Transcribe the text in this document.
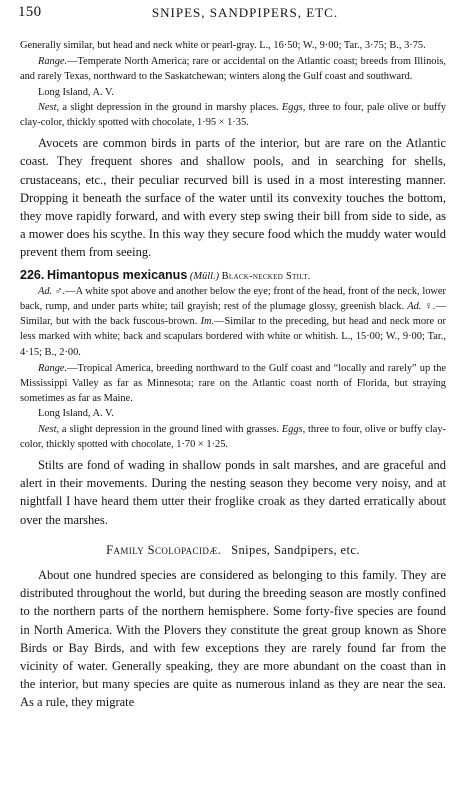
150	SNIPES, SANDPIPERS, ETC.

Generally similar, but head and neck white or pearl-gray. L., 16·50; W., 9·00; Tar., 3·75; B., 3·75.

Range.—Temperate North America; rare or accidental on the Atlantic coast; breeds from Illinois, and rarely Texas, northward to the Saskatchewan; winters along the Gulf coast and southward.

Long Island, A. V.

Nest, a slight depression in the ground in marshy places. Eggs, three to four, pale olive or buffy clay-color, thickly spotted with chocolate, 1·95 × 1·35.

Avocets are common birds in parts of the interior, but are rare on the Atlantic coast. They frequent shores and shallow pools, and in searching for shells, crustaceans, etc., their peculiar recurved bill is used in a most interesting manner. Dropping it beneath the surface of the water until its convexity touches the bottom, they move rapidly forward, and with every step swing their bill from side to side, as a mower does his scythe. In this way they secure food which the muddy water would prevent them from seeing.

226. Himantopus mexicanus (Müll.) Black-necked Stilt.

Ad. ♂.—A white spot above and another below the eye; front of the head, front of the neck, lower back, rump, and under parts white; tail grayish; rest of the plumage glossy, greenish black. Ad. ♀.—Similar, but with the back fuscous-brown. Im.—Similar to the preceding, but head and neck more or less marked with white; back and scapulars bordered with white or whitish. L., 15·00; W., 9·00; Tar., 4·15; B., 2·00.

Range.—Tropical America, breeding northward to the Gulf coast and “locally and rarely” up the Mississippi Valley as far as Minnesota; rare on the Atlantic coast north of Florida, but straying sometimes as far as Maine.

Long Island, A. V.

Nest, a slight depression in the ground lined with grasses. Eggs, three to four, olive or buffy clay-color, thickly spotted with chocolate, 1·70 × 1·25.

Stilts are fond of wading in shallow ponds in salt marshes, and are graceful and alert in their movements. During the nesting season they become very noisy, and at nightfall I have heard them utter their froglike croak as they darted erratically about over the marshes.

Family Scolopacidæ. Snipes, Sandpipers, etc.

About one hundred species are considered as belonging to this family. They are distributed throughout the world, but during the breeding season are mostly confined to the northern parts of the northern hemisphere. Some forty-five species are found in North America. With the Plovers they constitute the great group known as Shore Birds or Bay Birds, and with few exceptions they are rarely found far from the vicinity of water. Generally speaking, they are more abundant on the coast than in the interior, but many species are quite as numerous inland as they are near the sea. As a rule, they migrate
